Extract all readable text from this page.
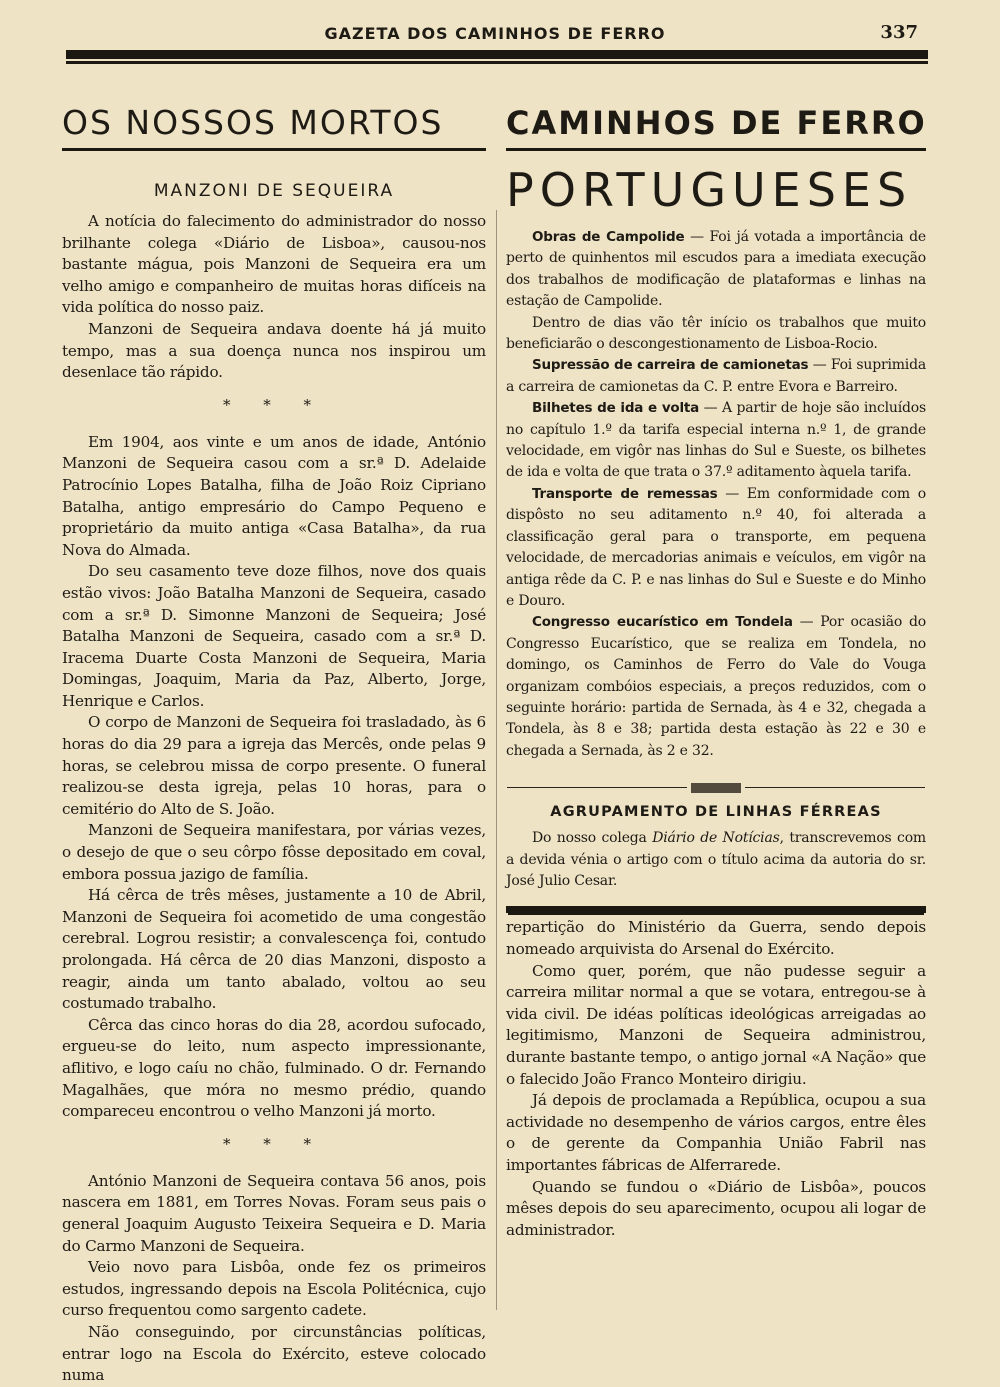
GAZETA DOS CAMINHOS DE FERRO	337
OS NOSSOS MORTOS
MANZONI DE SEQUEIRA

A notícia do falecimento do administrador do nosso brilhante colega «Diário de Lisboa», causou-nos bastante mágua, pois Manzoni de Sequeira era um velho amigo e companheiro de muitas horas difíceis na vida política do nosso paiz.

Manzoni de Sequeira andava doente há já muito tempo, mas a sua doença nunca nos inspirou um desenlace tão rápido.

* * *

Em 1904, aos vinte e um anos de idade, António Manzoni de Sequeira casou com a sr.ª D. Adelaide Patrocínio Lopes Batalha, filha de João Roiz Cipriano Batalha, antigo empresário do Campo Pequeno e proprietário da muito antiga «Casa Batalha», da rua Nova do Almada.

Do seu casamento teve doze filhos, nove dos quais estão vivos: João Batalha Manzoni de Sequeira, casado com a sr.ª D. Simonne Manzoni de Sequeira; José Batalha Manzoni de Sequeira, casado com a sr.ª D. Iracema Duarte Costa Manzoni de Sequeira, Maria Domingas, Joaquim, Maria da Paz, Alberto, Jorge, Henrique e Carlos.

O corpo de Manzoni de Sequeira foi trasladado, às 6 horas do dia 29 para a igreja das Mercês, onde pelas 9 horas, se celebrou missa de corpo presente. O funeral realizou-se desta igreja, pelas 10 horas, para o cemitério do Alto de S. João.

Manzoni de Sequeira manifestara, por várias vezes, o desejo de que o seu côrpo fôsse depositado em coval, embora possua jazigo de família.

Há cêrca de três mêses, justamente a 10 de Abril, Manzoni de Sequeira foi acometido de uma congestão cerebral. Logrou resistir; a convalescença foi, contudo prolongada. Há cêrca de 20 dias Manzoni, disposto a reagir, ainda um tanto abalado, voltou ao seu costumado trabalho.

Cêrca das cinco horas do dia 28, acordou sufocado, ergueu-se do leito, num aspecto impressionante, aflitivo, e logo caíu no chão, fulminado. O dr. Fernando Magalhães, que móra no mesmo prédio, quando compareceu encontrou o velho Manzoni já morto.

* * *

António Manzoni de Sequeira contava 56 anos, pois nascera em 1881, em Torres Novas. Foram seus pais o general Joaquim Augusto Teixeira Sequeira e D. Maria do Carmo Manzoni de Sequeira.

Veio novo para Lisbôa, onde fez os primeiros estudos, ingressando depois na Escola Politécnica, cujo curso frequentou como sargento cadete.

Não conseguindo, por circunstâncias políticas, entrar logo na Escola do Exército, esteve colocado numa

CAMINHOS DE FERRO
PORTUGUESES

Obras de Campolide — Foi já votada a importância de perto de quinhentos mil escudos para a imediata execução dos trabalhos de modificação de plataformas e linhas na estação de Campolide.

Dentro de dias vão têr início os trabalhos que muito beneficiarão o descongestionamento de Lisboa-Rocio.

Supressão de carreira de camionetas — Foi suprimida a carreira de camionetas da C. P. entre Evora e Barreiro.

Bilhetes de ida e volta — A partir de hoje são incluídos no capítulo 1.º da tarifa especial interna n.º 1, de grande velocidade, em vigôr nas linhas do Sul e Sueste, os bilhetes de ida e volta de que trata o 37.º aditamento àquela tarifa.

Transporte de remessas — Em conformidade com o dispôsto no seu aditamento n.º 40, foi alterada a classificação geral para o transporte, em pequena velocidade, de mercadorias animais e veículos, em vigôr na antiga rêde da C. P. e nas linhas do Sul e Sueste e do Minho e Douro.

Congresso eucarístico em Tondela — Por ocasião do Congresso Eucarístico, que se realiza em Tondela, no domingo, os Caminhos de Ferro do Vale do Vouga organizam combóios especiais, a preços reduzidos, com o seguinte horário: partida de Sernada, às 4 e 32, chegada a Tondela, às 8 e 38; partida desta estação às 22 e 30 e chegada a Sernada, às 2 e 32.

AGRUPAMENTO DE LINHAS FÉRREAS

Do nosso colega Diário de Notícias, transcrevemos com a devida vénia o artigo com o título acima da autoria do sr. José Julio Cesar.

repartição do Ministério da Guerra, sendo depois nomeado arquivista do Arsenal do Exército.

Como quer, porém, que não pudesse seguir a carreira militar normal a que se votara, entregou-se à vida civil. De idéas políticas ideológicas arreigadas ao legitimismo, Manzoni de Sequeira administrou, durante bastante tempo, o antigo jornal «A Nação» que o falecido João Franco Monteiro dirigiu.

Já depois de proclamada a República, ocupou a sua actividade no desempenho de vários cargos, entre êles o de gerente da Companhia União Fabril nas importantes fábricas de Alferrarede.

Quando se fundou o «Diário de Lisbôa», poucos mêses depois do seu aparecimento, ocupou ali logar de administrador.
